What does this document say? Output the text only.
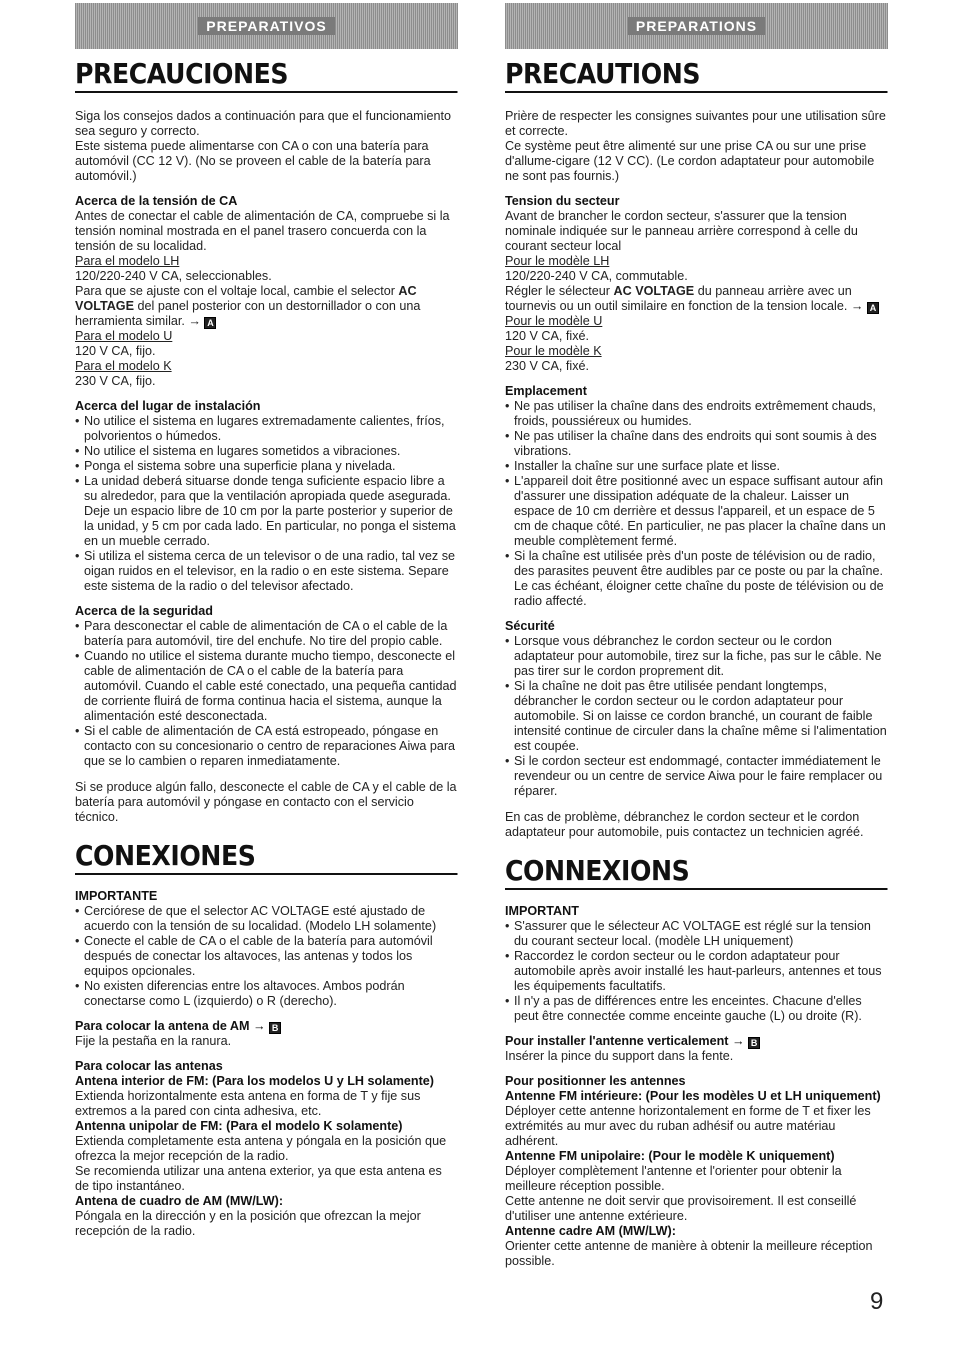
PREPARATIVOS
PRECAUCIONES

Siga los consejos dados a continuación para que el funcionamiento sea seguro y correcto.

Este sistema puede alimentarse con CA o con una batería para automóvil (CC 12 V). (No se proveen el cable de la batería para automóvil.)

Acerca de la tensión de CA

Antes de conectar el cable de alimentación de CA, compruebe si la tensión nominal mostrada en el panel trasero concuerda con la tensión de su localidad.

Para el modelo LH

120/220-240 V CA, seleccionables.

Para que se ajuste con el voltaje local, cambie el selector AC VOLTAGE del panel posterior con un destornillador o con una herramienta similar. → A

Para el modelo U

120 V CA, fijo.

Para el modelo K

230 V CA, fijo.

Acerca del lugar de instalación
• No utilice el sistema en lugares extremadamente calientes, fríos, polvorientos o húmedos.
• No utilice el sistema en lugares sometidos a vibraciones.
• Ponga el sistema sobre una superficie plana y nivelada.
• La unidad deberá situarse donde tenga suficiente espacio libre a su alrededor, para que la ventilación apropiada quede asegurada. Deje un espacio libre de 10 cm por la parte posterior y superior de la unidad, y 5 cm por cada lado. En particular, no ponga el sistema en un mueble cerrado.
• Si utiliza el sistema cerca de un televisor o de una radio, tal vez se oigan ruidos en el televisor, en la radio o en este sistema. Separe este sistema de la radio o del televisor afectado.
Acerca de la seguridad
• Para desconectar el cable de alimentación de CA o el cable de la batería para automóvil, tire del enchufe. No tire del propio cable.
• Cuando no utilice el sistema durante mucho tiempo, desconecte el cable de alimentación de CA o el cable de la batería para automóvil. Cuando el cable esté conectado, una pequeña cantidad de corriente fluirá de forma continua hacia el sistema, aunque la alimentación esté desconectada.
• Si el cable de alimentación de CA está estropeado, póngase en contacto con su concesionario o centro de reparaciones Aiwa para que se lo cambien o reparen inmediatamente.

Si se produce algún fallo, desconecte el cable de CA y el cable de la batería para automóvil y póngase en contacto con el servicio técnico.

CONEXIONES
IMPORTANTE
• Cerciórese de que el selector AC VOLTAGE esté ajustado de acuerdo con la tensión de su localidad. (Modelo LH solamente)
• Conecte el cable de CA o el cable de la batería para automóvil después de conectar los altavoces, las antenas y todos los equipos opcionales.
• No existen diferencias entre los altavoces. Ambos podrán conectarse como L (izquierdo) o R (derecho).
Para colocar la antena de AM → B

Fije la pestaña en la ranura.

Para colocar las antenas
Antena interior de FM: (Para los modelos U y LH solamente)

Extienda horizontalmente esta antena en forma de T y fije sus extremos a la pared con cinta adhesiva, etc.

Antenna unipolar de FM: (Para el modelo K solamente)

Extienda completamente esta antena y póngala en la posición que ofrezca la mejor recepción de la radio.

Se recomienda utilizar una antena exterior, ya que esta antena es de tipo instantáneo.

Antena de cuadro de AM (MW/LW):

Póngala en la dirección y en la posición que ofrezcan la mejor recepción de la radio.

PREPARATIONS
PRECAUTIONS

Prière de respecter les consignes suivantes pour une utilisation sûre et correcte.

Ce système peut être alimenté sur une prise CA ou sur une prise d'allume-cigare (12 V CC). (Le cordon adaptateur pour automobile ne sont pas fournis.)

Tension du secteur

Avant de brancher le cordon secteur, s'assurer que la tension nominale indiquée sur le panneau arrière correspond à celle du courant secteur local

Pour le modèle LH

120/220-240 V CA, commutable.

Régler le sélecteur AC VOLTAGE du panneau arrière avec un tournevis ou un outil similaire en fonction de la tension locale. → A

Pour le modèle U

120 V CA, fixé.

Pour le modèle K

230 V CA, fixé.

Emplacement
• Ne pas utiliser la chaîne dans des endroits extrêmement chauds, froids, poussiéreux ou humides.
• Ne pas utiliser la chaîne dans des endroits qui sont soumis à des vibrations.
• Installer la chaîne sur une surface plate et lisse.
• L'appareil doit être positionné avec un espace suffisant autour afin d'assurer une dissipation adéquate de la chaleur. Laisser un espace de 10 cm derrière et dessus l'appareil, et un espace de 5 cm de chaque côté. En particulier, ne pas placer la chaîne dans un meuble complètement fermé.
• Si la chaîne est utilisée près d'un poste de télévision ou de radio, des parasites peuvent être audibles par ce poste ou par la chaîne. Le cas échéant, éloigner cette chaîne du poste de télévision ou de radio affecté.
Sécurité
• Lorsque vous débranchez le cordon secteur ou le cordon adaptateur pour automobile, tirez sur la fiche, pas sur le câble. Ne pas tirer sur le cordon proprement dit.
• Si la chaîne ne doit pas être utilisée pendant longtemps, débrancher le cordon secteur ou le cordon adaptateur pour automobile. Si on laisse ce cordon branché, un courant de faible intensité continue de circuler dans la chaîne même si l'alimentation est coupée.
• Si le cordon secteur est endommagé, contacter immédiatement le revendeur ou un centre de service Aiwa pour le faire remplacer ou réparer.

En cas de problème, débranchez le cordon secteur et le cordon adaptateur pour automobile, puis contactez un technicien agréé.

CONNEXIONS
IMPORTANT
• S'assurer que le sélecteur AC VOLTAGE est réglé sur la tension du courant secteur local. (modèle LH uniquement)
• Raccordez le cordon secteur ou le cordon adaptateur pour automobile après avoir installé les haut-parleurs, antennes et tous les équipements facultatifs.
• Il n'y a pas de différences entre les enceintes. Chacune d'elles peut être connectée comme enceinte gauche (L) ou droite (R).
Pour installer l'antenne verticalement → B

Insérer la pince du support dans la fente.

Pour positionner les antennes
Antenne FM intérieure: (Pour les modèles U et LH uniquement)

Déployer cette antenne horizontalement en forme de T et fixer les extrémités au mur avec du ruban adhésif ou autre matériau adhérent.

Antenne FM unipolaire: (Pour le modèle K uniquement)

Déployer complètement l'antenne et l'orienter pour obtenir la meilleure réception possible.

Cette antenne ne doit servir que provisoirement. Il est conseillé d'utiliser une antenne extérieure.

Antenne cadre AM (MW/LW):

Orienter cette antenne de manière à obtenir la meilleure réception possible.

9
